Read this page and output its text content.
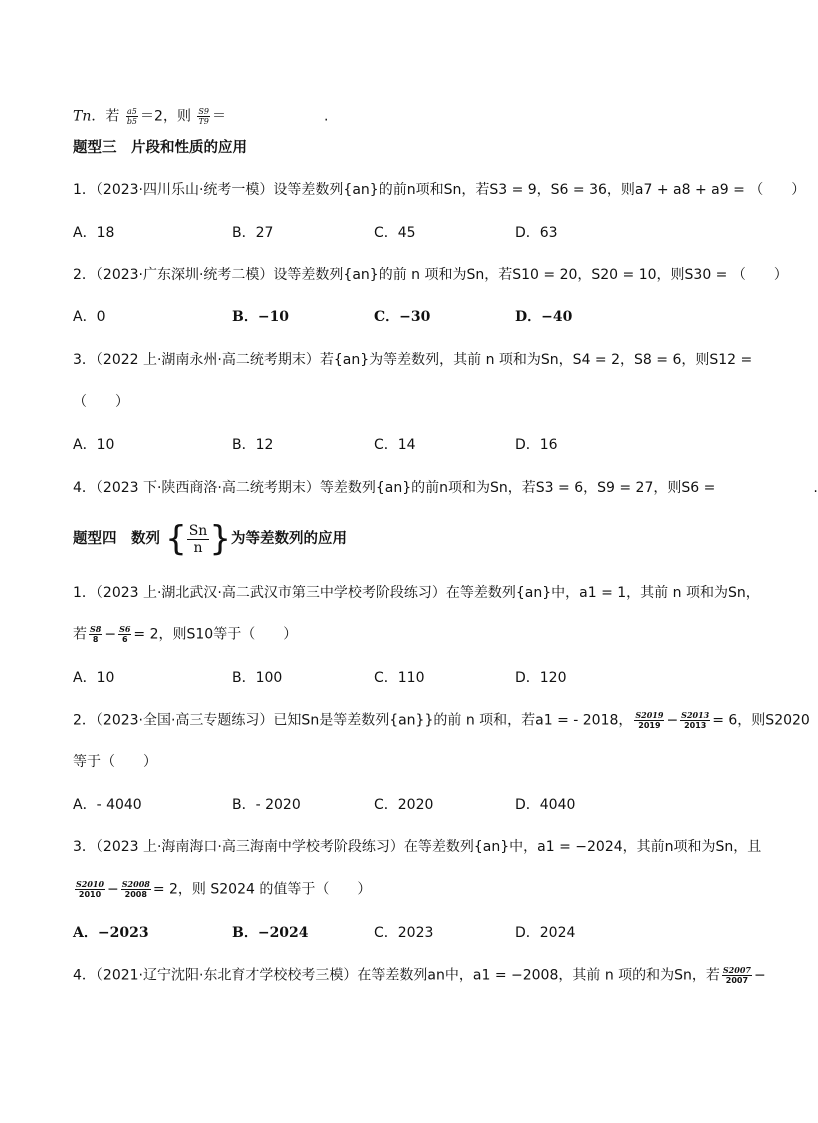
Tn．若 $\frac{a5}{b5} =2$，则 $\frac{S9}{T9}$ ＝	.
题型三　片段和性质的应用
1．（2023·四川乐山·统考一模）设等差数列{an}的前n项和Sn，若S3 = 9，S6 = 36，则a7 + a8 + a9 = （　　）
A．18	B．27	C．45	D．63
2．（2023·广东深圳·统考二模）设等差数列{an}的前 n 项和为Sn，若S10 = 20，S20 = 10，则S30 = （　　）
A．0	B．−10	C．−30	D．−40
3．（2022 上·湖南永州·高二统考期末）若{an}为等差数列，其前 n 项和为Sn，S4 = 2，S8 = 6，则S12 =
（　　）
A．10	B．12	C．14	D．16
4．（2023 下·陕西商洛·高二统考期末）等差数列{an}的前n项和为Sn，若S3 = 6，S9 = 27，则S6 =	.
题型四　数列 { $\frac{Sn}{n}$ }为等差数列的应用
1．（2023 上·湖北武汉·高二武汉市第三中学校考阶段练习）在等差数列{an}中，a1 = 1，其前 n 项和为Sn，
若 $\frac{S8}{8} - \frac{S6}{6} = 2$，则S10等于（　　）
A．10	B．100	C．110	D．120
2．（2023·全国·高三专题练习）已知Sn是等差数列{an}}的前 n 项和，若a1 = - 2018， $\frac{S2019}{2019} - \frac{S2013}{2013} = 6$，则S2020
等于（　　）
A．- 4040	B．- 2020	C．2020	D．4040
3．（2023 上·海南海口·高三海南中学校考阶段练习）在等差数列{an}中，a1 = −2024，其前n项和为Sn，且
$\frac{S2010}{2010} - \frac{S2008}{2008} = 2$，则 S2024 的值等于（　　）
A．−2023	B．−2024	C．2023	D．2024
4．（2021·辽宁沈阳·东北育才学校校考三模）在等差数列an中，a1 = −2008，其前 n 项的和为Sn，若 $\frac{S2007}{2007}$ −
